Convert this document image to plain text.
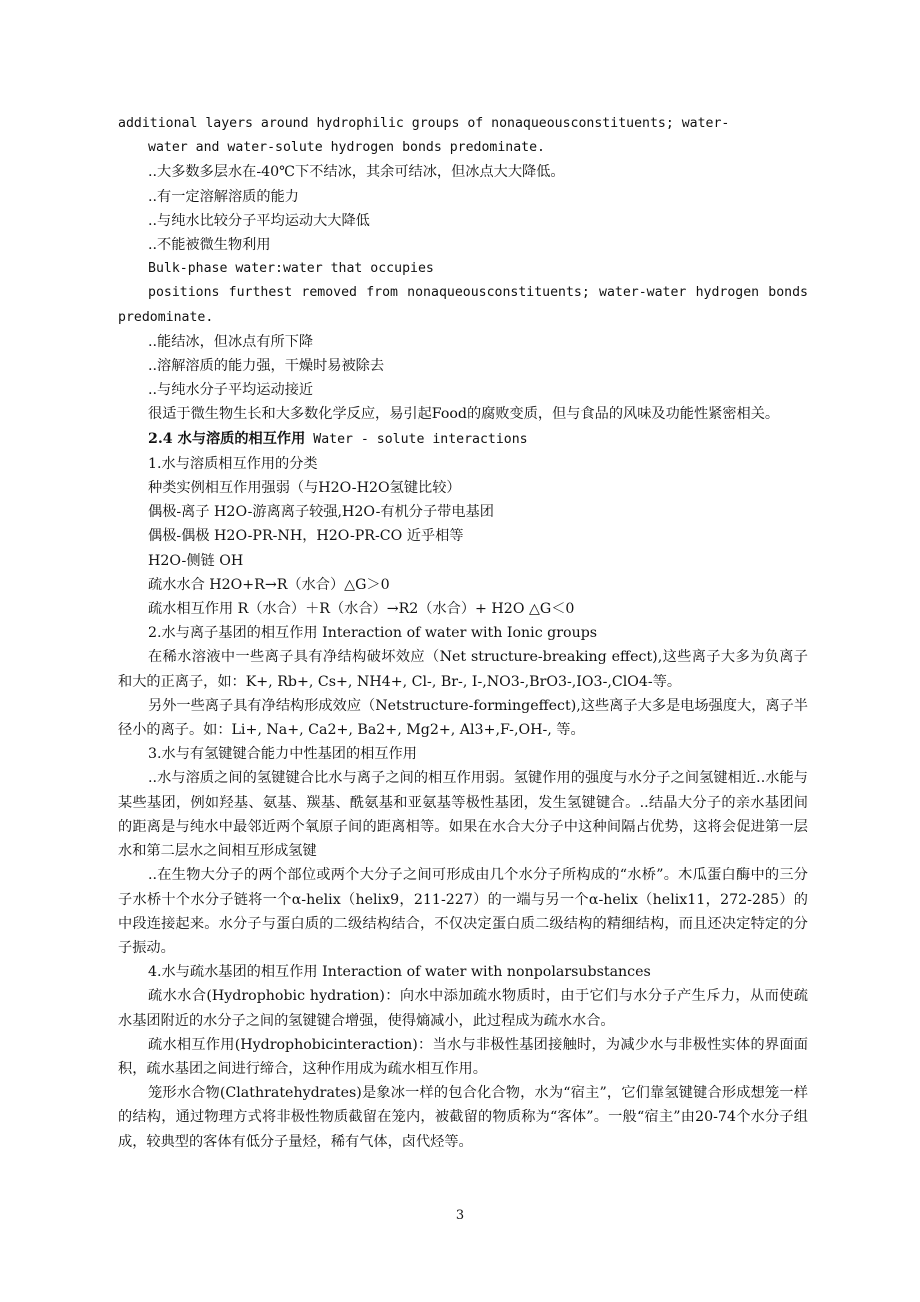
additional layers around hydrophilic groups of nonaqueousconstituents; water-

water and water-solute hydrogen bonds predominate.

..大多数多层水在-40℃下不结冰，其余可结冰，但冰点大大降低。

..有一定溶解溶质的能力

..与纯水比较分子平均运动大大降低

..不能被微生物利用

Bulk-phase water:water that occupies

positions furthest removed from nonaqueousconstituents; water-water hydrogen bonds predominate.

..能结冰，但冰点有所下降

..溶解溶质的能力强，干燥时易被除去

..与纯水分子平均运动接近

很适于微生物生长和大多数化学反应，易引起Food的腐败变质，但与食品的风味及功能性紧密相关。

2.4 水与溶质的相互作用 Water - solute interactions

1.水与溶质相互作用的分类

种类实例相互作用强弱（与H2O-H2O氢键比较）

偶极-离子 H2O-游离离子较强,H2O-有机分子带电基团

偶极-偶极 H2O-PR-NH，H2O-PR-CO 近乎相等

H2O-侧链 OH

疏水水合 H2O+R→R（水合）△G＞0

疏水相互作用 R（水合）＋R（水合）→R2（水合）+ H2O △G＜0

2.水与离子基团的相互作用 Interaction of water with Ionic groups

在稀水溶液中一些离子具有净结构破坏效应（Net structure-breaking effect),这些离子大多为负离子和大的正离子，如：K+, Rb+, Cs+, NH4+, Cl-, Br-, I-,NO3-,BrO3-,IO3-,ClO4-等。

另外一些离子具有净结构形成效应（Netstructure-formingeffect),这些离子大多是电场强度大，离子半径小的离子。如：Li+, Na+, Ca2+, Ba2+, Mg2+, Al3+,F-,OH-, 等。

3.水与有氢键键合能力中性基团的相互作用

..水与溶质之间的氢键键合比水与离子之间的相互作用弱。氢键作用的强度与水分子之间氢键相近..水能与某些基团，例如羟基、氨基、羰基、酰氨基和亚氨基等极性基团，发生氢键键合。..结晶大分子的亲水基团间的距离是与纯水中最邻近两个氧原子间的距离相等。如果在水合大分子中这种间隔占优势，这将会促进第一层水和第二层水之间相互形成氢键

..在生物大分子的两个部位或两个大分子之间可形成由几个水分子所构成的“水桥”。木瓜蛋白酶中的三分子水桥十个水分子链将一个α-helix（helix9，211-227）的一端与另一个α-helix（helix11，272-285）的中段连接起来。水分子与蛋白质的二级结构结合，不仅决定蛋白质二级结构的精细结构，而且还决定特定的分子振动。

4.水与疏水基团的相互作用 Interaction of water with nonpolarsubstances

疏水水合(Hydrophobic hydration)：向水中添加疏水物质时，由于它们与水分子产生斥力，从而使疏水基团附近的水分子之间的氢键键合增强，使得熵减小，此过程成为疏水水合。

疏水相互作用(Hydrophobicinteraction)：当水与非极性基团接触时，为减少水与非极性实体的界面面积，疏水基团之间进行缔合，这种作用成为疏水相互作用。

笼形水合物(Clathratehydrates)是象冰一样的包合化合物，水为“宿主”，它们靠氢键键合形成想笼一样的结构，通过物理方式将非极性物质截留在笼内，被截留的物质称为“客体”。一般“宿主”由20-74个水分子组成，较典型的客体有低分子量烃，稀有气体，卤代烃等。

3
